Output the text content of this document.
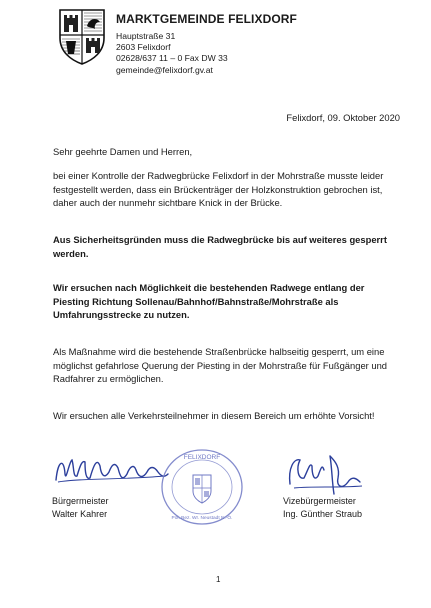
MARKTGEMEINDE FELIXDORF
Hauptstraße 31
2603 Felixdorf
02628/637 11 – 0 Fax DW 33
gemeinde@felixdorf.gv.at
Felixdorf, 09. Oktober 2020
Sehr geehrte Damen und Herren,
bei einer Kontrolle der Radwegbrücke Felixdorf in der Mohrstraße musste leider festgestellt werden, dass ein Brückenträger der Holzkonstruktion gebrochen ist, daher auch der nunmehr sichtbare Knick in der Brücke.
Aus Sicherheitsgründen muss die Radwegbrücke bis auf weiteres gesperrt werden.
Wir ersuchen nach Möglichkeit die bestehenden Radwege entlang der Piesting Richtung Sollenau/Bahnhof/Bahnstraße/Mohrstraße als Umfahrungsstrecke zu nutzen.
Als Maßnahme wird die bestehende Straßenbrücke halbseitig gesperrt, um eine möglichst gefahrlose Querung der Piesting in der Mohrstraße für Fußgänger und Radfahrer zu ermöglichen.
Wir ersuchen alle Verkehrsteilnehmer in diesem Bereich um erhöhte Vorsicht!
FELIXDORF
Pol. Bez. Wr. Neustadt N.-Ö.
Bürgermeister
Walter Kahrer
Vizebürgermeister
Ing. Günther Straub
1
